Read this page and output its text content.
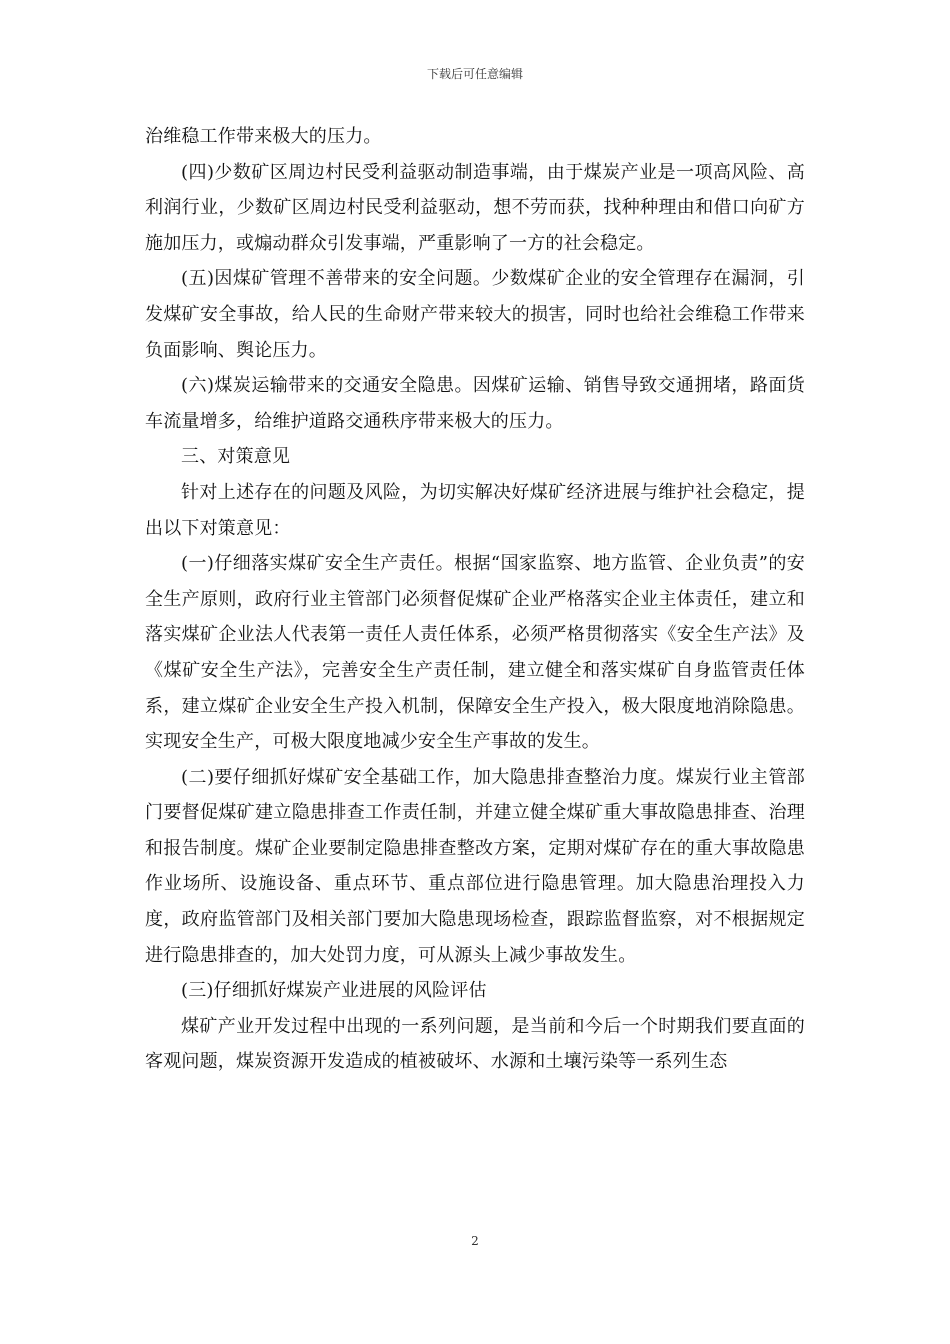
下载后可任意编辑

治维稳工作带来极大的压力。

(四)少数矿区周边村民受利益驱动制造事端，由于煤炭产业是一项高风险、高利润行业，少数矿区周边村民受利益驱动，想不劳而获，找种种理由和借口向矿方施加压力，或煽动群众引发事端，严重影响了一方的社会稳定。

(五)因煤矿管理不善带来的安全问题。少数煤矿企业的安全管理存在漏洞，引发煤矿安全事故，给人民的生命财产带来较大的损害，同时也给社会维稳工作带来负面影响、舆论压力。

(六)煤炭运输带来的交通安全隐患。因煤矿运输、销售导致交通拥堵，路面货车流量增多，给维护道路交通秩序带来极大的压力。

三、对策意见

针对上述存在的问题及风险，为切实解决好煤矿经济进展与维护社会稳定，提出以下对策意见：

(一)仔细落实煤矿安全生产责任。根据“国家监察、地方监管、企业负责”的安全生产原则，政府行业主管部门必须督促煤矿企业严格落实企业主体责任，建立和落实煤矿企业法人代表第一责任人责任体系，必须严格贯彻落实《安全生产法》及《煤矿安全生产法》，完善安全生产责任制，建立健全和落实煤矿自身监管责任体系，建立煤矿企业安全生产投入机制，保障安全生产投入，极大限度地消除隐患。实现安全生产，可极大限度地减少安全生产事故的发生。

(二)要仔细抓好煤矿安全基础工作，加大隐患排查整治力度。煤炭行业主管部门要督促煤矿建立隐患排查工作责任制，并建立健全煤矿重大事故隐患排查、治理和报告制度。煤矿企业要制定隐患排查整改方案，定期对煤矿存在的重大事故隐患作业场所、设施设备、重点环节、重点部位进行隐患管理。加大隐患治理投入力度，政府监管部门及相关部门要加大隐患现场检查，跟踪监督监察，对不根据规定进行隐患排查的，加大处罚力度，可从源头上减少事故发生。

(三)仔细抓好煤炭产业进展的风险评估

煤矿产业开发过程中出现的一系列问题，是当前和今后一个时期我们要直面的客观问题，煤炭资源开发造成的植被破坏、水源和土壤污染等一系列生态

2
